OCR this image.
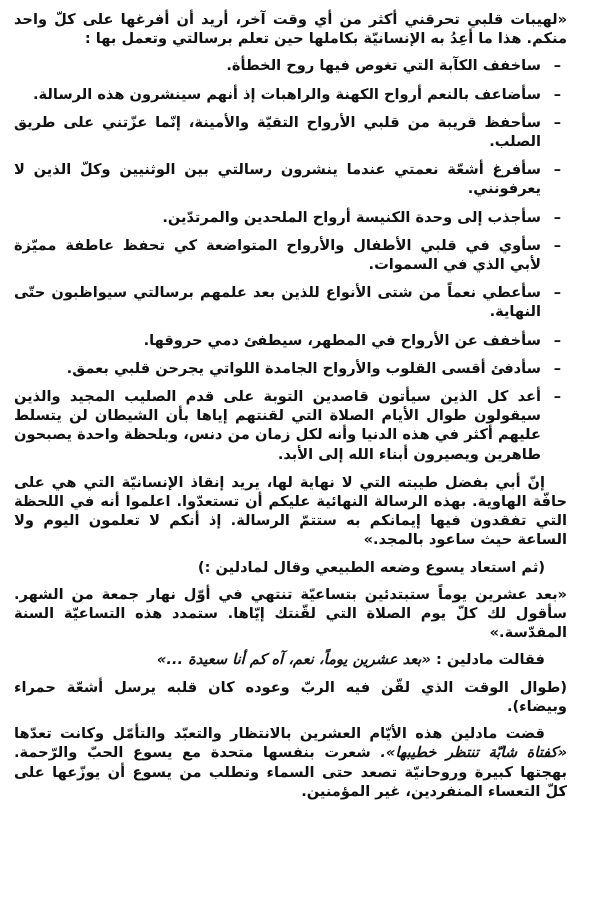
«لهيبات قلبي تحرقني أكثر من أي وقت آخر، أريد أن أفرغها على كلّ واحد منكم. هذا ما أعِدُ به الإنسانيّة بكاملها حين تعلم برسالتي وتعمل بها :

– ساخفف الكآبة التي تغوص فيها روح الخطأة.
– سأضاعف بالنعم أرواح الكهنة والراهبات إذ أنهم سينشرون هذه الرسالة.
– سأحفظ قريبة من قلبي الأرواح التقيّة والأمينة، إنّما عزّتني على طريق الصلب.
– سأفرغ أشعّة نعمتي عندما ينشرون رسالتي بين الوثنيين وكلّ الذين لا يعرفونني.
– سأجذب إلى وحدة الكنيسة أرواح الملحدين والمرتدّين.
– سأوي في قلبي الأطفال والأرواح المتواضعة كي تحفظ عاطفة مميّزة لأبي الذي في السموات.
– سأعطي نعماً من شتى الأنواع للذين بعد علمهم برسالتي سيواظبون حتّى النهاية.
– سأخفف عن الأرواح في المطهر، سيطفئ دمي حروقها.
– سأدفئ أقسى القلوب والأرواح الجامدة اللواتي يجرحن قلبي بعمق.
– أعد كل الذين سيأتون قاصدين التوبة على قدم الصليب المجيد والذين سيقولون طوال الأيام الصلاة التي لقنتهم إياها بأن الشيطان لن يتسلط عليهم أكثر في هذه الدنيا وأنه لكل زمان من دنس، وبلحظة واحدة يصبحون طاهرين ويصيرون أبناء الله إلى الأبد.

إنّ أبي بفضل طيبته التي لا نهاية لها، يريد إنقاذ الإنسانيّة التي هي على حافّة الهاوية. بهذه الرسالة النهائية عليكم أن تستعدّوا. اعلموا أنه في اللحظة التي تفقدون فيها إيمانكم به ستتمّ الرسالة. إذ أنكم لا تعلمون اليوم ولا الساعة حيث ساعود بالمجد.»

(ثم استعاد يسوع وضعه الطبيعي وقال لمادلين :)

«بعد عشرين يوماً ستبتدئين بتساعيّة تنتهي في أوّل نهار جمعة من الشهر. سأقول لك كلّ يوم الصلاة التي لقّنتك إيّاها. ستمدد هذه التساعيّة السنة المقدّسة.»

فقالت مادلين : «بعد عشرين يوماً، نعم، آه كم أنا سعيدة ...»

(طوال الوقت الذي لقّن فيه الربّ وعوده كان قلبه يرسل أشعّة حمراء وبيضاء).

قضت مادلين هذه الأيّام العشرين بالانتظار والتعبّد والتأمّل وكانت تعدّها «كفتاة شابّة تنتظر خطيبها». شعرت بنفسها متحدة مع يسوع الحبّ والرّحمة. بهجتها كبيرة وروحانيّة تصعد حتى السماء وتطلب من يسوع أن يوزّعها على كلّ التعساء المنفردين، غير المؤمنين.
